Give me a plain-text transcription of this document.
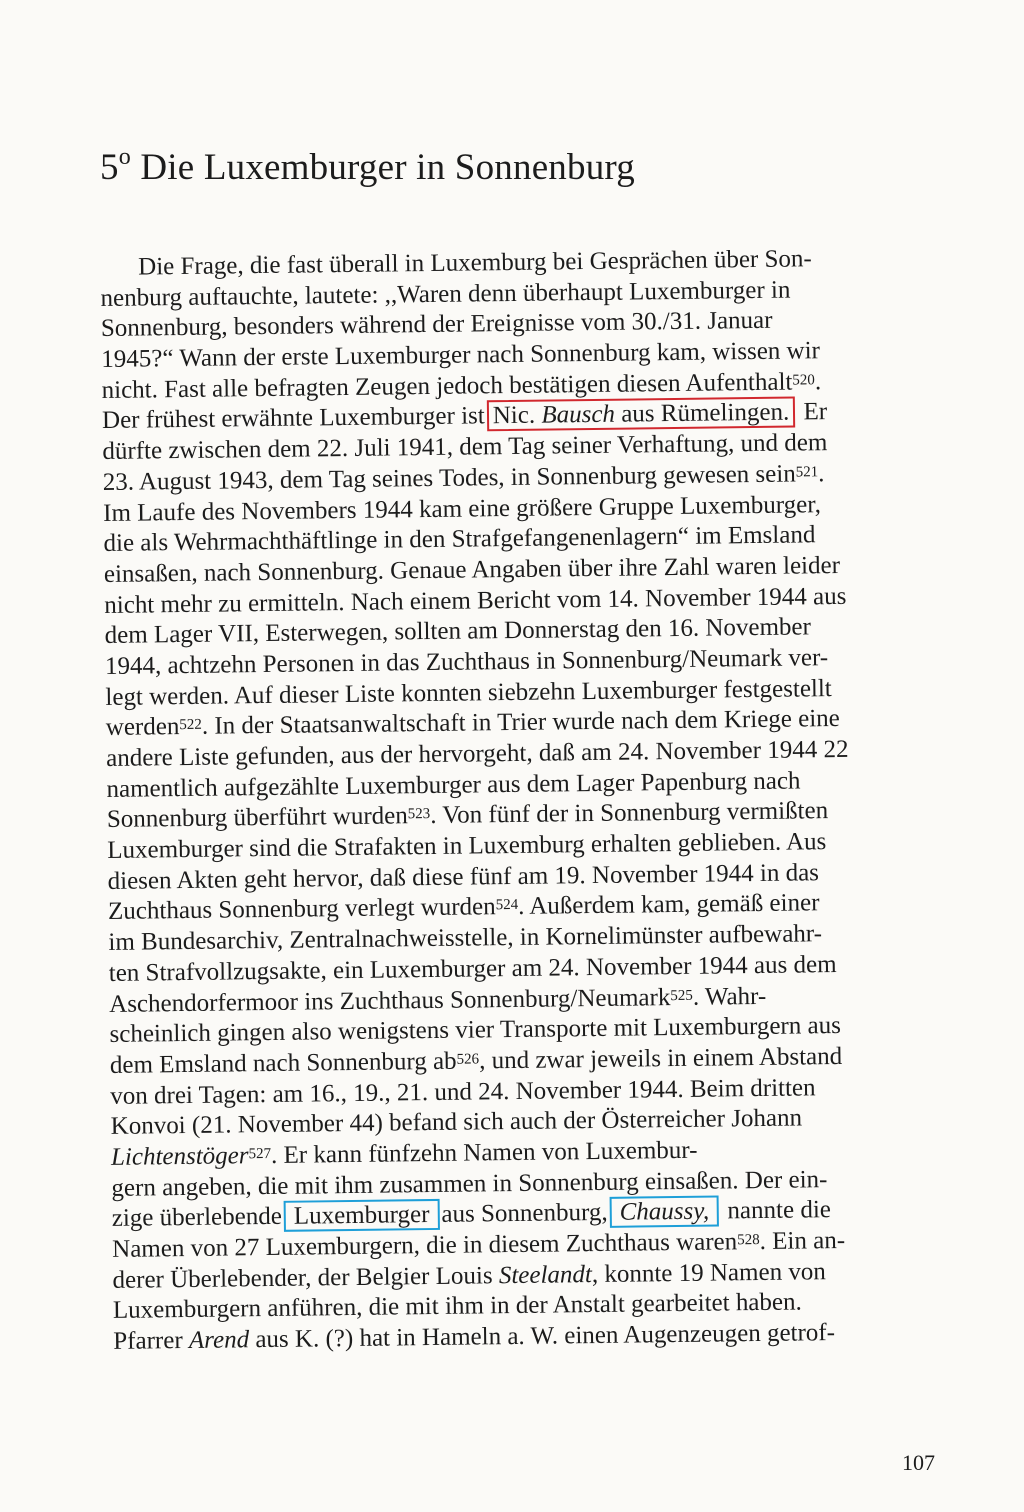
5$^o$ Die Luxemburger in Sonnenburg
Die Frage, die fast überall in Luxemburg bei Gesprächen über Son-
nenburg auftauchte, lautete: ,,Waren denn überhaupt Luxemburger in
Sonnenburg, besonders während der Ereignisse vom 30./31. Januar
1945?“ Wann der erste Luxemburger nach Sonnenburg kam, wissen wir
nicht. Fast alle befragten Zeugen jedoch bestätigen diesen Aufenthalt$^{520}$.
Der frühest erwähnte Luxemburger ist Nic. Bausch aus Rümelingen. Er
dürfte zwischen dem 22. Juli 1941, dem Tag seiner Verhaftung, und dem
23. August 1943, dem Tag seines Todes, in Sonnenburg gewesen sein$^{521}$.
Im Laufe des Novembers 1944 kam eine größere Gruppe Luxemburger,
die als Wehrmachthäftlinge in den Strafgefangenenlagern“ im Emsland
einsaßen, nach Sonnenburg. Genaue Angaben über ihre Zahl waren leider
nicht mehr zu ermitteln. Nach einem Bericht vom 14. November 1944 aus
dem Lager VII, Esterwegen, sollten am Donnerstag den 16. November
1944, achtzehn Personen in das Zuchthaus in Sonnenburg/Neumark ver-
legt werden. Auf dieser Liste konnten siebzehn Luxemburger festgestellt
werden$^{522}$. In der Staatsanwaltschaft in Trier wurde nach dem Kriege eine
andere Liste gefunden, aus der hervorgeht, daß am 24. November 1944 22
namentlich aufgezählte Luxemburger aus dem Lager Papenburg nach
Sonnenburg überführt wurden$^{523}$. Von fünf der in Sonnenburg vermißten
Luxemburger sind die Strafakten in Luxemburg erhalten geblieben. Aus
diesen Akten geht hervor, daß diese fünf am 19. November 1944 in das
Zuchthaus Sonnenburg verlegt wurden$^{524}$. Außerdem kam, gemäß einer
im Bundesarchiv, Zentralnachweisstelle, in Kornelimünster aufbewahr-
ten Strafvollzugsakte, ein Luxemburger am 24. November 1944 aus dem
Aschendorfermoor ins Zuchthaus Sonnenburg/Neumark$^{525}$. Wahr-
scheinlich gingen also wenigstens vier Transporte mit Luxemburgern aus
dem Emsland nach Sonnenburg $ab^{526}$, und zwar jeweils in einem Abstand
von drei Tagen: am 16., 19., 21. und 24. November 1944. Beim dritten
Konvoi (21. November 44) befand sich auch der Österreicher Johann
Lichtenstöger$^{527}$. Er kann fünfzehn Namen von Luxembur-
gern angeben, die mit ihm zusammen in Sonnenburg einsaßen. Der ein-
zige überlebende Luxemburger aus Sonnenburg, Chaussy, nannte die
Namen von 27 Luxemburgern, die in diesem Zuchthaus waren$^{528}$. Ein an-
derer Überlebender, der Belgier Louis Steelandt, konnte 19 Namen von
Luxemburgern anführen, die mit ihm in der Anstalt gearbeitet haben.
Pfarrer Arend aus K. (?) hat in Hameln a. W. einen Augenzeugen getrof-
107
